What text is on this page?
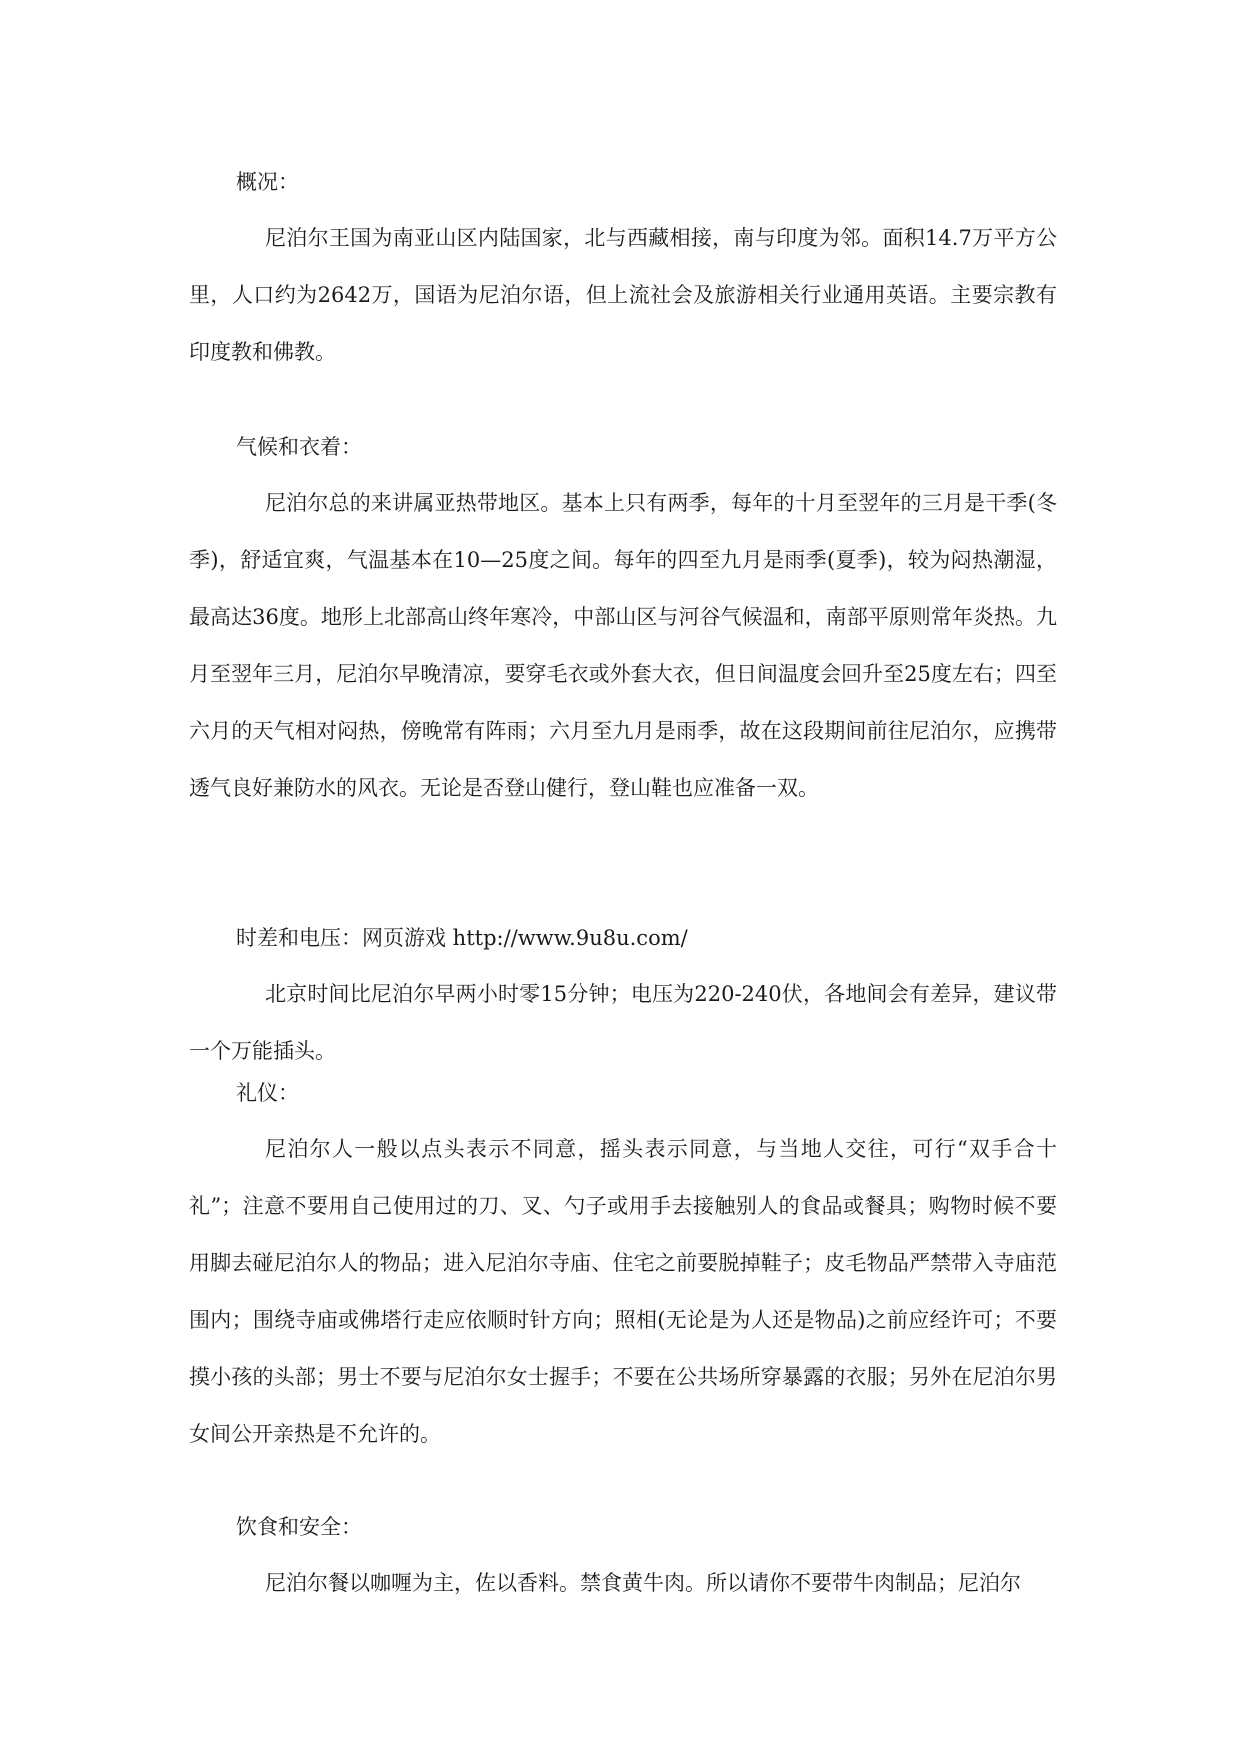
概况：

尼泊尔王国为南亚山区内陆国家，北与西藏相接，南与印度为邻。面积14.7万平方公里，人口约为2642万，国语为尼泊尔语，但上流社会及旅游相关行业通用英语。主要宗教有印度教和佛教。

气候和衣着：

尼泊尔总的来讲属亚热带地区。基本上只有两季，每年的十月至翌年的三月是干季(冬季)，舒适宜爽，气温基本在10—25度之间。每年的四至九月是雨季(夏季)，较为闷热潮湿，最高达36度。地形上北部高山终年寒冷，中部山区与河谷气候温和，南部平原则常年炎热。九月至翌年三月，尼泊尔早晚清凉，要穿毛衣或外套大衣，但日间温度会回升至25度左右；四至六月的天气相对闷热，傍晚常有阵雨；六月至九月是雨季，故在这段期间前往尼泊尔，应携带透气良好兼防水的风衣。无论是否登山健行，登山鞋也应准备一双。

时差和电压：网页游戏 http://www.9u8u.com/

北京时间比尼泊尔早两小时零15分钟；电压为220-240伏，各地间会有差异，建议带一个万能插头。

礼仪：

尼泊尔人一般以点头表示不同意，摇头表示同意，与当地人交往，可行“双手合十礼”；注意不要用自己使用过的刀、叉、勺子或用手去接触别人的食品或餐具；购物时候不要用脚去碰尼泊尔人的物品；进入尼泊尔寺庙、住宅之前要脱掉鞋子；皮毛物品严禁带入寺庙范围内；围绕寺庙或佛塔行走应依顺时针方向；照相(无论是为人还是物品)之前应经许可；不要摸小孩的头部；男士不要与尼泊尔女士握手；不要在公共场所穿暴露的衣服；另外在尼泊尔男女间公开亲热是不允许的。

饮食和安全：

尼泊尔餐以咖喱为主，佐以香料。禁食黄牛肉。所以请你不要带牛肉制品；尼泊尔
